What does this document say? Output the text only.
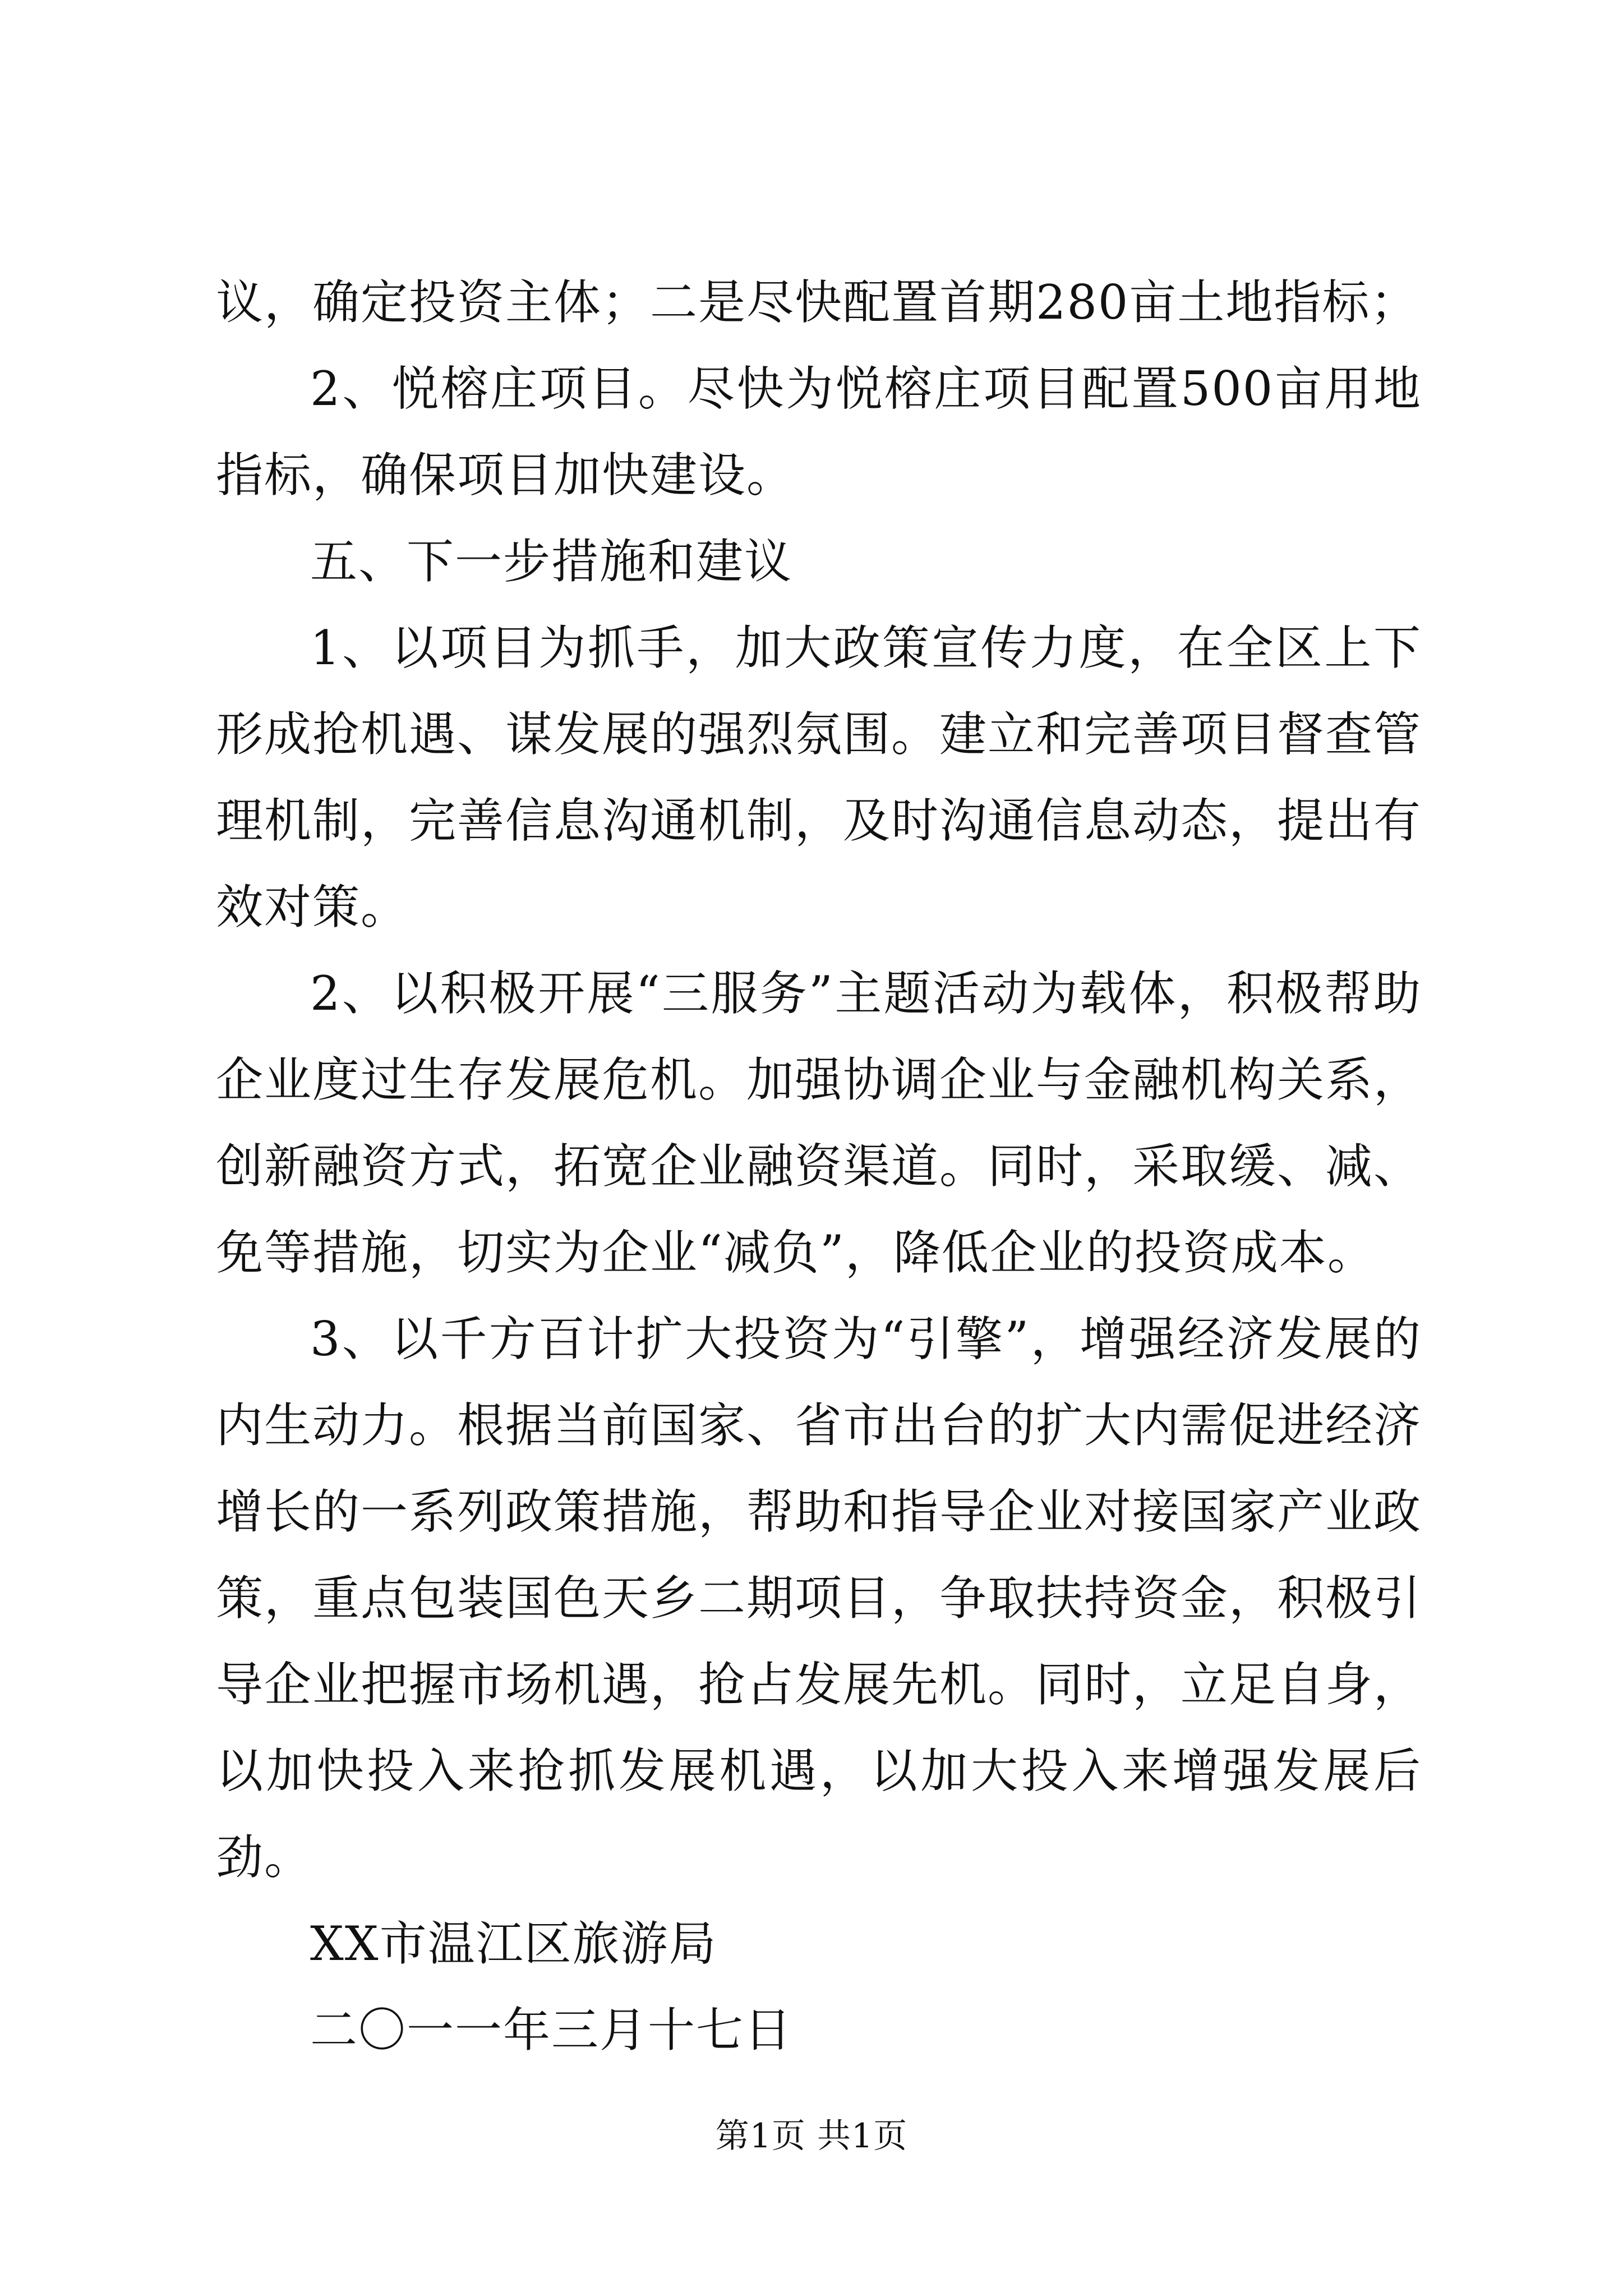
议，确定投资主体；二是尽快配置首期280亩土地指标；

2、悦榕庄项目。尽快为悦榕庄项目配置500亩用地指标，确保项目加快建设。

五、下一步措施和建议

1、以项目为抓手，加大政策宣传力度，在全区上下形成抢机遇、谋发展的强烈氛围。建立和完善项目督查管理机制，完善信息沟通机制，及时沟通信息动态，提出有效对策。

2、以积极开展“三服务”主题活动为载体，积极帮助企业度过生存发展危机。加强协调企业与金融机构关系，创新融资方式，拓宽企业融资渠道。同时，采取缓、减、免等措施，切实为企业“减负”，降低企业的投资成本。

3、以千方百计扩大投资为“引擎”，增强经济发展的内生动力。根据当前国家、省市出台的扩大内需促进经济增长的一系列政策措施，帮助和指导企业对接国家产业政策，重点包装国色天乡二期项目，争取扶持资金，积极引导企业把握市场机遇，抢占发展先机。同时，立足自身，以加快投入来抢抓发展机遇，以加大投入来增强发展后劲。

XX市温江区旅游局

二〇一一年三月十七日

第1页 共1页
